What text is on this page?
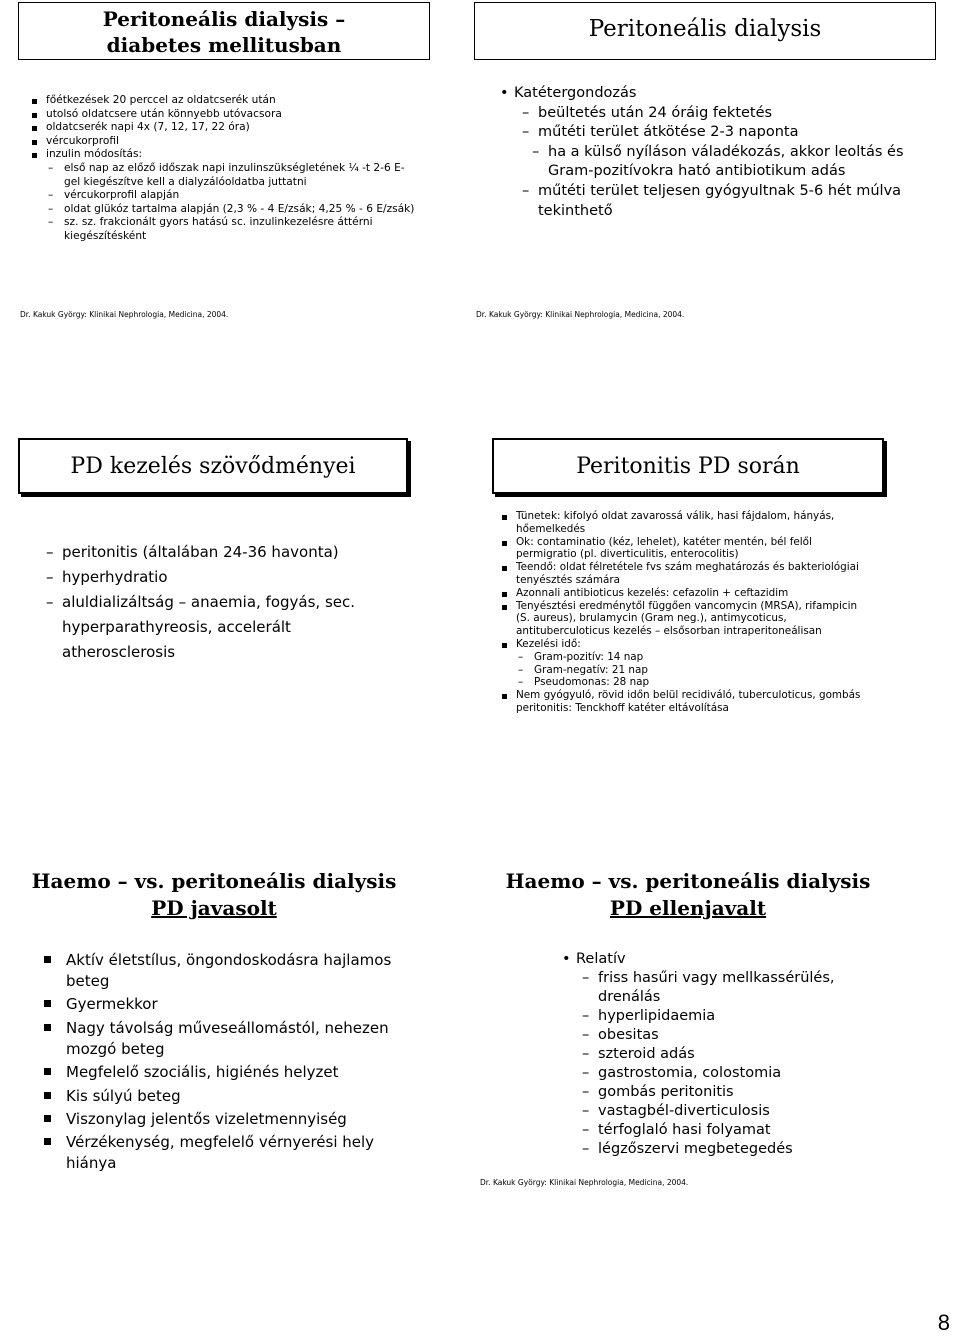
Peritoneális dialysis –
diabetes mellitusban
főétkezések 20 perccel az oldatcserék után
utolsó oldatcsere után könnyebb utóvacsora
oldatcserék napi 4x (7, 12, 17, 22 óra)
vércukorprofil
inzulin módosítás:
– első nap az előző időszak napi inzulinszükségletének ¼ -t 2-6 E-gel kiegészítve kell a dialyzálóoldatba juttatni
– vércukorprofil alapján
– oldat glükóz tartalma alapján (2,3 % - 4 E/zsák; 4,25 % - 6 E/zsák)
– sz. sz. frakcionált gyors hatású sc. inzulinkezelésre áttérni kiegészítésként
Dr. Kakuk György: Klinikai Nephrologia, Medicina, 2004.
Peritoneális dialysis
• Katétergondozás
– beültetés után 24 óráig fektetés
– műtéti terület átkötése 2-3 naponta
– ha a külső nyíláson váladékozás, akkor leoltás és Gram-pozitívokra ható antibiotikum adás
– műtéti terület teljesen gyógyultnak 5-6 hét múlva tekinthető
Dr. Kakuk György: Klinikai Nephrologia, Medicina, 2004.
PD kezelés szövődményei
– peritonitis (általában 24-36 havonta)
– hyperhydratio
– aluldializáltság – anaemia, fogyás, sec. hyperparathyreosis, accelerált atherosclerosis
Peritonitis PD során
Tünetek: kifolyó oldat zavarossá válik, hasi fájdalom, hányás, hőemelkedés
Ok: contaminatio (kéz, lehelet), katéter mentén, bél felől permigratio (pl. diverticulitis, enterocolitis)
Teendő: oldat félretétele fvs szám meghatározás és bakteriológiai tenyésztés számára
Azonnali antibioticus kezelés: cefazolin + ceftazidim
Tenyésztési eredménytől függően vancomycin (MRSA), rifampicin (S. aureus), brulamycin (Gram neg.), antimycoticus, antituberculoticus kezelés – elsősorban intraperitoneálisan
Kezelési idő:
– Gram-pozitív: 14 nap
– Gram-negatív: 21 nap
– Pseudomonas: 28 nap
Nem gyógyuló, rövid időn belül recidiváló, tuberculoticus, gombás peritonitis: Tenckhoff katéter eltávolítása
Haemo – vs. peritoneális dialysis
PD javasolt
Aktív életstílus, öngondoskodásra hajlamos beteg
Gyermekkor
Nagy távolság műveseállomástól, nehezen mozgó beteg
Megfelelő szociális, higiénés helyzet
Kis súlyú beteg
Viszonylag jelentős vizeletmennyiség
Vérzékenység, megfelelő vérnyerési hely hiánya
Haemo – vs. peritoneális dialysis
PD ellenjavalt
• Relatív
– friss hasűri vagy mellkassérülés, drenálás
– hyperlipidaemia
– obesitas
– szteroid adás
– gastrostomia, colostomia
– gombás peritonitis
– vastagbél-diverticulosis
– térfoglaló hasi folyamat
– légzőszervi megbetegedés
Dr. Kakuk György: Klinikai Nephrologia, Medicina, 2004.
8
